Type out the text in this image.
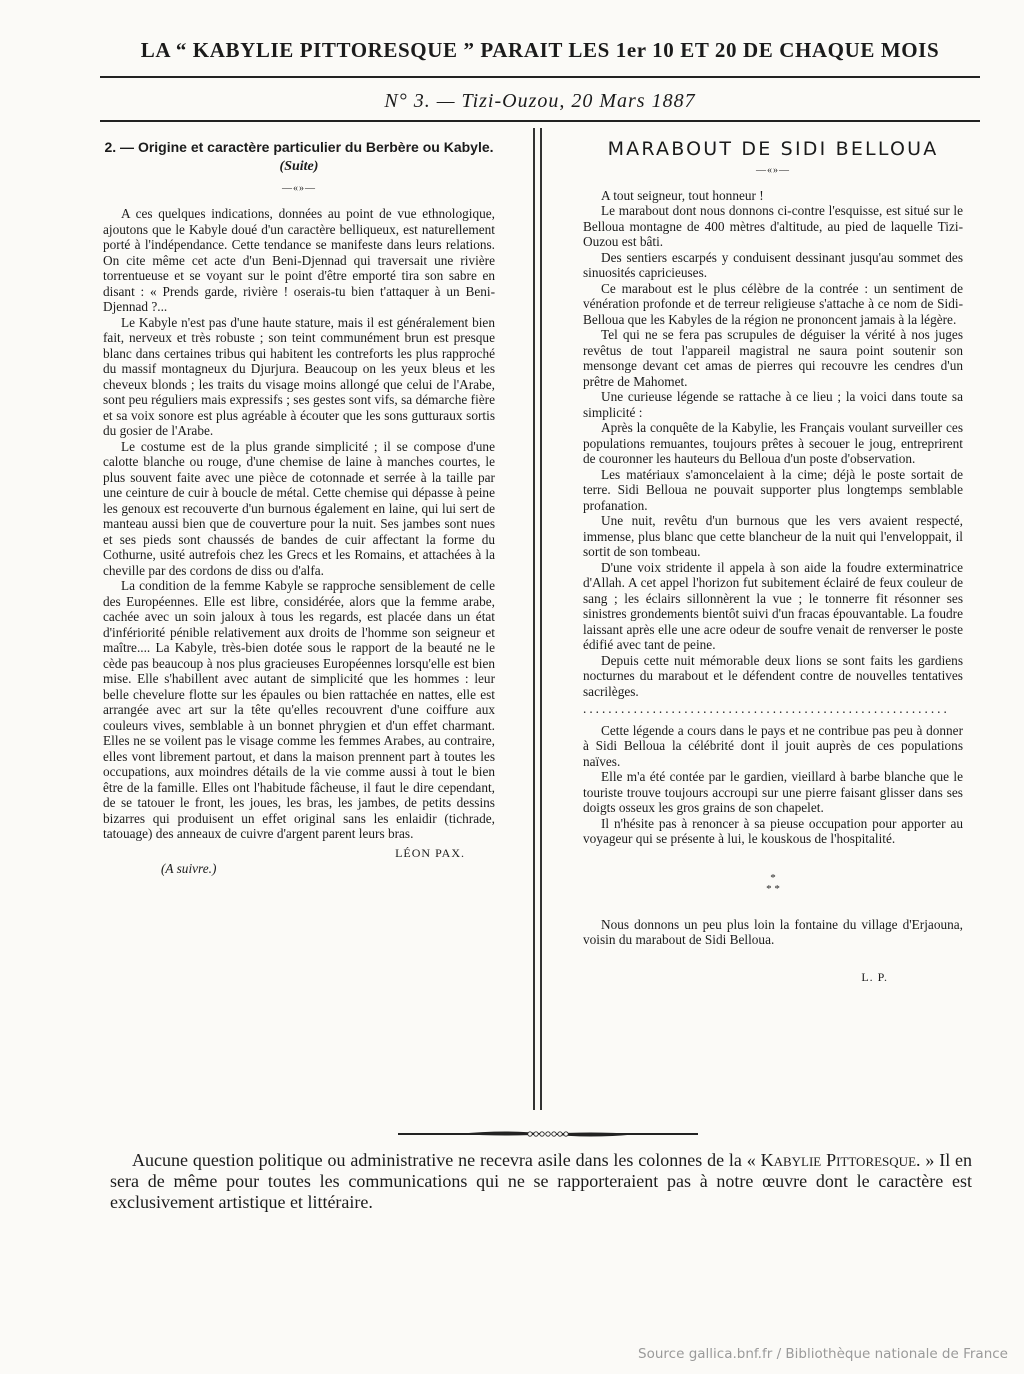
LA “ KABYLIE PITTORESQUE ” PARAIT LES 1er 10 ET 20 DE CHAQUE MOIS
N° 3. — Tizi-Ouzou, 20 Mars 1887
2. — Origine et caractère particulier du Berbère ou Kabyle. (Suite)
—«»—

A ces quelques indications, données au point de vue ethnologique, ajoutons que le Kabyle doué d'un caractère belliqueux, est naturellement porté à l'indépendance. Cette tendance se manifeste dans leurs relations. On cite même cet acte d'un Beni-Djennad qui traversait une rivière torrentueuse et se voyant sur le point d'être emporté tira son sabre en disant : « Prends garde, rivière ! oserais-tu bien t'attaquer à un Beni-Djennad ?...

Le Kabyle n'est pas d'une haute stature, mais il est généralement bien fait, nerveux et très robuste ; son teint communément brun est presque blanc dans certaines tribus qui habitent les contreforts les plus rapproché du massif montagneux du Djurjura. Beaucoup on les yeux bleus et les cheveux blonds ; les traits du visage moins allongé que celui de l'Arabe, sont peu réguliers mais expressifs ; ses gestes sont vifs, sa démarche fière et sa voix sonore est plus agréable à écouter que les sons gutturaux sortis du gosier de l'Arabe.

Le costume est de la plus grande simplicité ; il se compose d'une calotte blanche ou rouge, d'une chemise de laine à manches courtes, le plus souvent faite avec une pièce de cotonnade et serrée à la taille par une ceinture de cuir à boucle de métal. Cette chemise qui dépasse à peine les genoux est recouverte d'un burnous également en laine, qui lui sert de manteau aussi bien que de couverture pour la nuit. Ses jambes sont nues et ses pieds sont chaussés de bandes de cuir affectant la forme du Cothurne, usité autrefois chez les Grecs et les Romains, et attachées à la cheville par des cordons de diss ou d'alfa.

La condition de la femme Kabyle se rapproche sensiblement de celle des Européennes. Elle est libre, considérée, alors que la femme arabe, cachée avec un soin jaloux à tous les regards, est placée dans un état d'infériorité pénible relativement aux droits de l'homme son seigneur et maître.... La Kabyle, très-bien dotée sous le rapport de la beauté ne le cède pas beaucoup à nos plus gracieuses Européennes lorsqu'elle est bien mise. Elle s'habillent avec autant de simplicité que les hommes : leur belle chevelure flotte sur les épaules ou bien rattachée en nattes, elle est arrangée avec art sur la tête qu'elles recouvrent d'une coiffure aux couleurs vives, semblable à un bonnet phrygien et d'un effet charmant. Elles ne se voilent pas le visage comme les femmes Arabes, au contraire, elles vont librement partout, et dans la maison prennent part à toutes les occupations, aux moindres détails de la vie comme aussi à tout le bien être de la famille. Elles ont l'habitude fâcheuse, il faut le dire cependant, de se tatouer le front, les joues, les bras, les jambes, de petits dessins bizarres qui produisent un effet original sans les enlaidir (tichrade, tatouage) des anneaux de cuivre d'argent parent leurs bras.

LÉON PAX.
(A suivre.)
MARABOUT DE SIDI BELLOUA
—«»—

A tout seigneur, tout honneur !

Le marabout dont nous donnons ci-contre l'esquisse, est situé sur le Belloua montagne de 400 mètres d'altitude, au pied de laquelle Tizi-Ouzou est bâti.

Des sentiers escarpés y conduisent dessinant jusqu'au sommet des sinuosités capricieuses.

Ce marabout est le plus célèbre de la contrée : un sentiment de vénération profonde et de terreur religieuse s'attache à ce nom de Sidi-Belloua que les Kabyles de la région ne prononcent jamais à la légère.

Tel qui ne se fera pas scrupules de déguiser la vérité à nos juges revêtus de tout l'appareil magistral ne saura point soutenir son mensonge devant cet amas de pierres qui recouvre les cendres d'un prêtre de Mahomet.

Une curieuse légende se rattache à ce lieu ; la voici dans toute sa simplicité :

Après la conquête de la Kabylie, les Français voulant surveiller ces populations remuantes, toujours prêtes à secouer le joug, entreprirent de couronner les hauteurs du Belloua d'un poste d'observation.

Les matériaux s'amoncelaient à la cime; déjà le poste sortait de terre. Sidi Belloua ne pouvait supporter plus longtemps semblable profanation.

Une nuit, revêtu d'un burnous que les vers avaient respecté, immense, plus blanc que cette blancheur de la nuit qui l'enveloppait, il sortit de son tombeau.

D'une voix stridente il appela à son aide la foudre exterminatrice d'Allah. A cet appel l'horizon fut subitement éclairé de feux couleur de sang ; les éclairs sillonnèrent la vue ; le tonnerre fit résonner ses sinistres grondements bientôt suivi d'un fracas épouvantable. La foudre laissant après elle une acre odeur de soufre venait de renverser le poste édifié avec tant de peine.

Depuis cette nuit mémorable deux lions se sont faits les gardiens nocturnes du marabout et le défendent contre de nouvelles tentatives sacrilèges.

..........................................................

Cette légende a cours dans le pays et ne contribue pas peu à donner à Sidi Belloua la célébrité dont il jouit auprès de ces populations naïves.

Elle m'a été contée par le gardien, vieillard à barbe blanche que le touriste trouve toujours accroupi sur une pierre faisant glisser dans ses doigts osseux les gros grains de son chapelet.

Il n'hésite pas à renoncer à sa pieuse occupation pour apporter au voyageur qui se présente à lui, le kouskous de l'hospitalité.

*
* *

Nous donnons un peu plus loin la fontaine du village d'Erjaouna, voisin du marabout de Sidi Belloua.

L. P.
Aucune question politique ou administrative ne recevra asile dans les colonnes de la « Kabylie Pittoresque. » Il en sera de même pour toutes les communications qui ne se rapporteraient pas à notre œuvre dont le caractère est exclusivement artistique et littéraire.
Source gallica.bnf.fr / Bibliothèque nationale de France
